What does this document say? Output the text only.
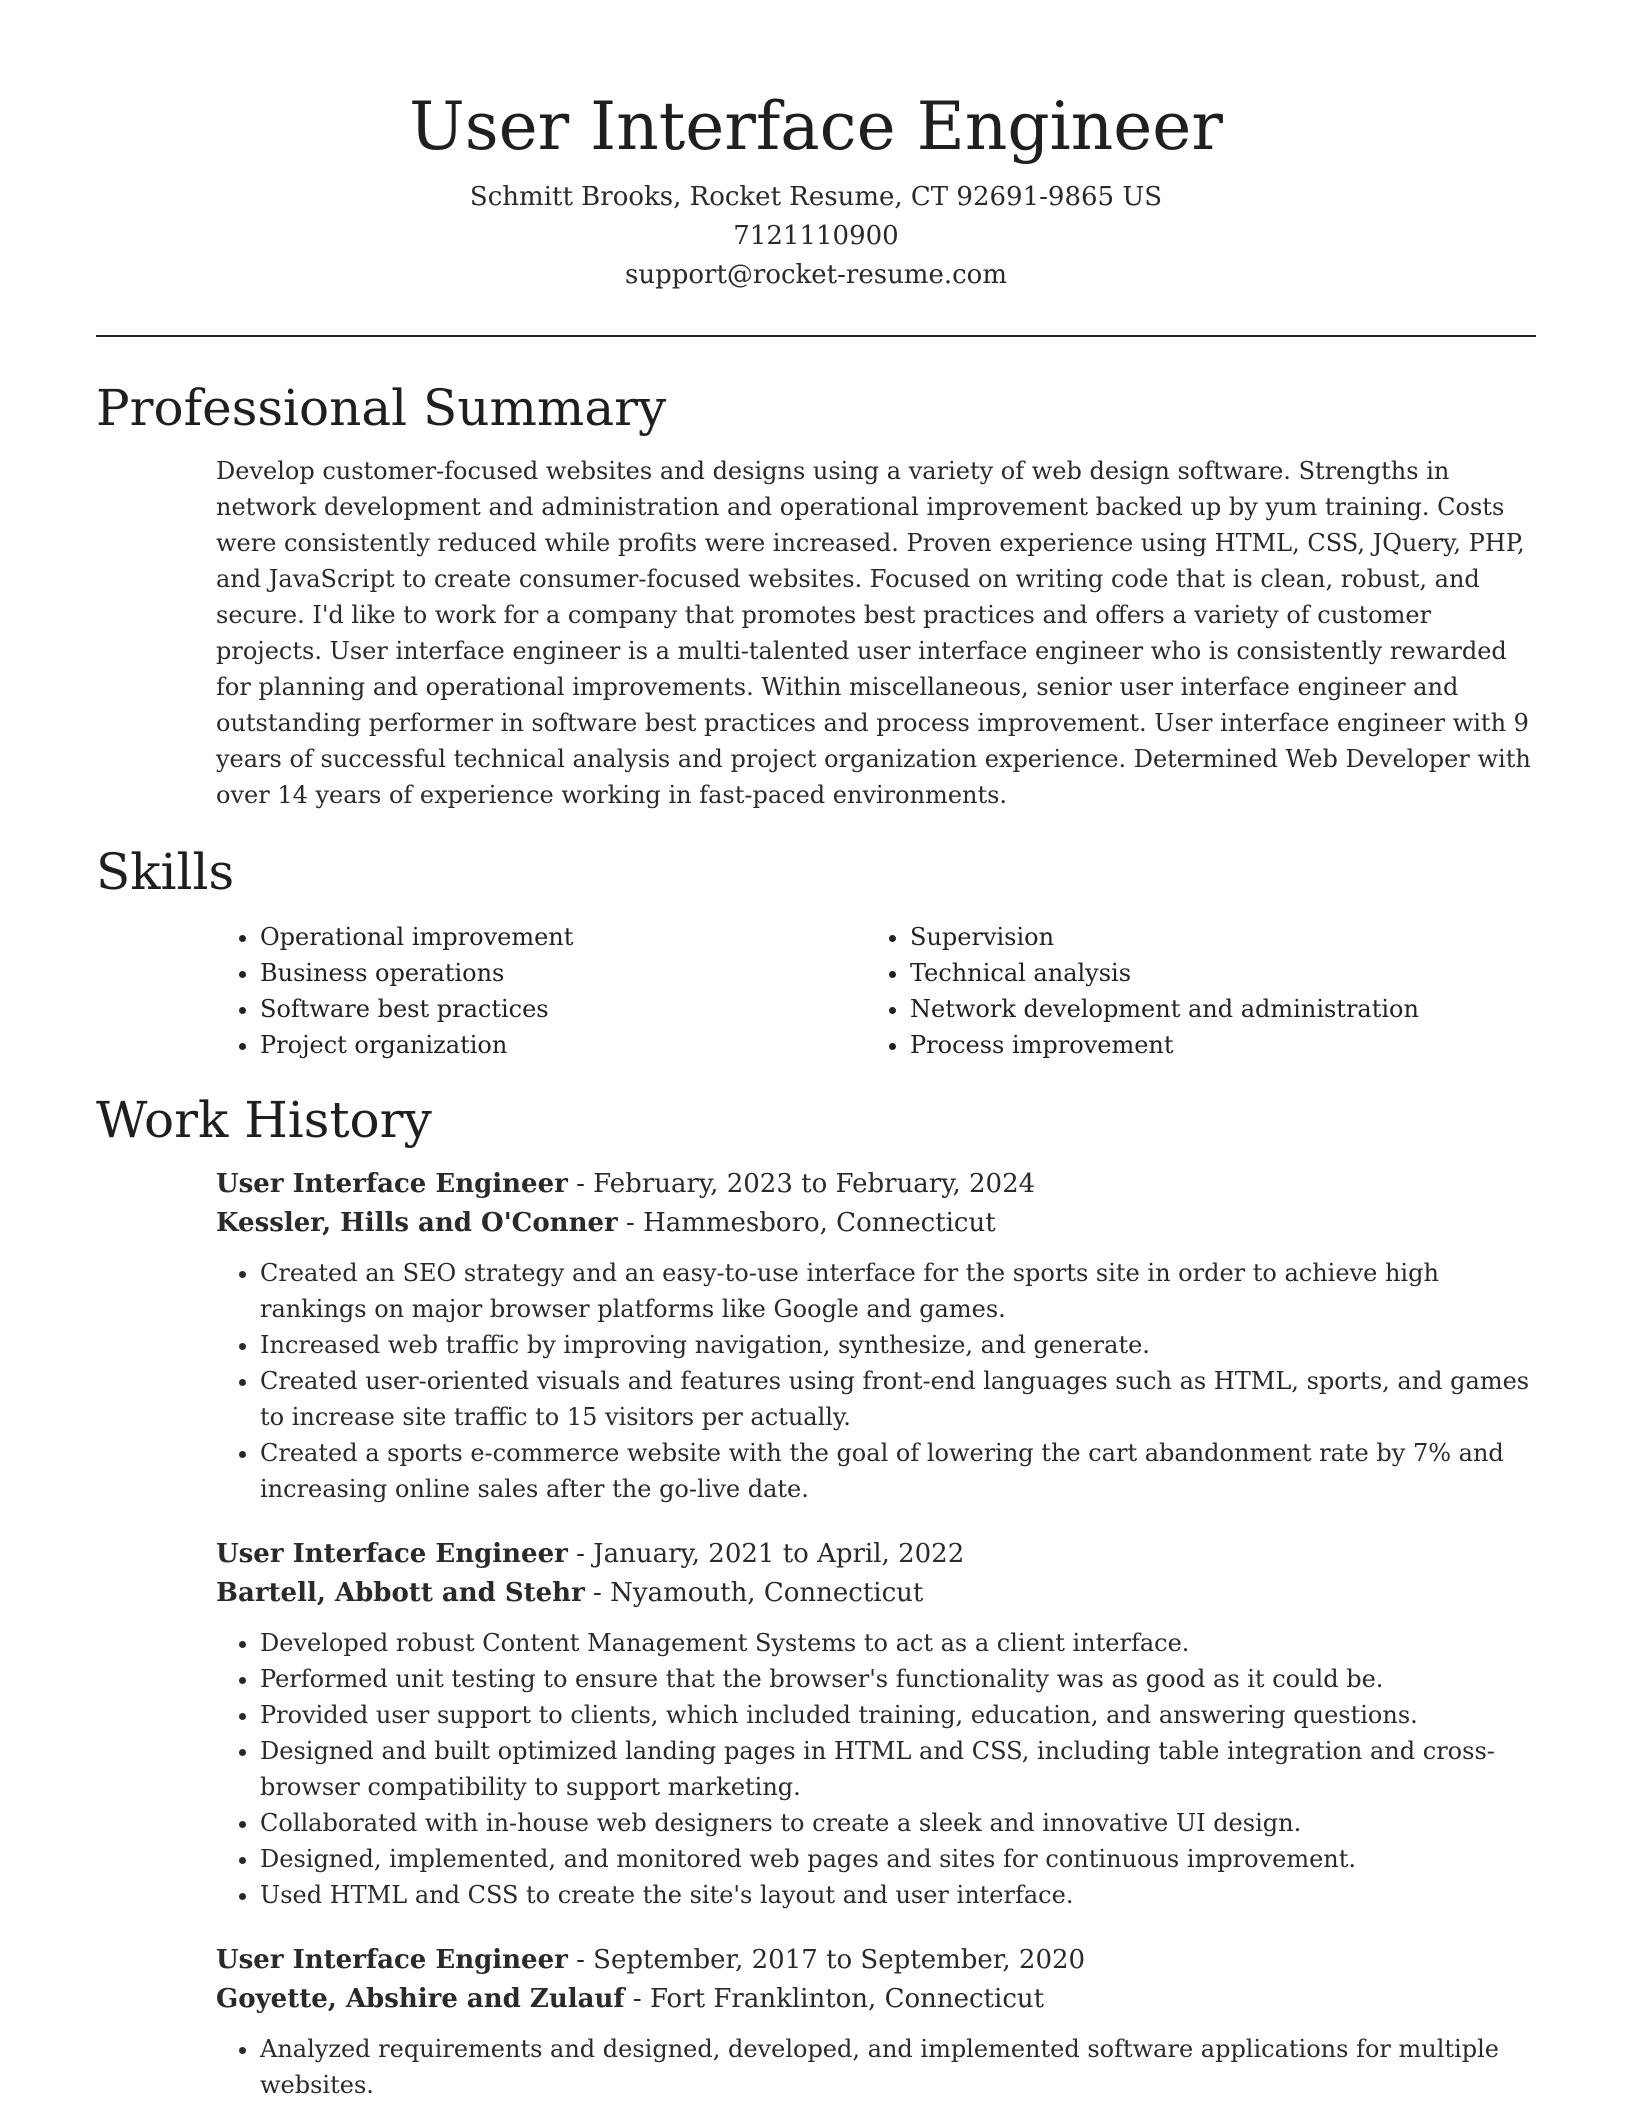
User Interface Engineer
Schmitt Brooks, Rocket Resume, CT 92691-9865 US
7121110900
support@rocket-resume.com
Professional Summary
Develop customer-focused websites and designs using a variety of web design software. Strengths in network development and administration and operational improvement backed up by yum training. Costs were consistently reduced while profits were increased. Proven experience using HTML, CSS, JQuery, PHP, and JavaScript to create consumer-focused websites. Focused on writing code that is clean, robust, and secure. I'd like to work for a company that promotes best practices and offers a variety of customer projects. User interface engineer is a multi-talented user interface engineer who is consistently rewarded for planning and operational improvements. Within miscellaneous, senior user interface engineer and outstanding performer in software best practices and process improvement. User interface engineer with 9 years of successful technical analysis and project organization experience. Determined Web Developer with over 14 years of experience working in fast-paced environments.
Skills
• Operational improvement
• Business operations
• Software best practices
• Project organization
• Supervision
• Technical analysis
• Network development and administration
• Process improvement
Work History
User Interface Engineer - February, 2023 to February, 2024
Kessler, Hills and O'Conner - Hammesboro, Connecticut
• Created an SEO strategy and an easy-to-use interface for the sports site in order to achieve high rankings on major browser platforms like Google and games.
• Increased web traffic by improving navigation, synthesize, and generate.
• Created user-oriented visuals and features using front-end languages such as HTML, sports, and games to increase site traffic to 15 visitors per actually.
• Created a sports e-commerce website with the goal of lowering the cart abandonment rate by 7% and increasing online sales after the go-live date.
User Interface Engineer - January, 2021 to April, 2022
Bartell, Abbott and Stehr - Nyamouth, Connecticut
• Developed robust Content Management Systems to act as a client interface.
• Performed unit testing to ensure that the browser's functionality was as good as it could be.
• Provided user support to clients, which included training, education, and answering questions.
• Designed and built optimized landing pages in HTML and CSS, including table integration and cross-browser compatibility to support marketing.
• Collaborated with in-house web designers to create a sleek and innovative UI design.
• Designed, implemented, and monitored web pages and sites for continuous improvement.
• Used HTML and CSS to create the site's layout and user interface.
User Interface Engineer - September, 2017 to September, 2020
Goyette, Abshire and Zulauf - Fort Franklinton, Connecticut
• Analyzed requirements and designed, developed, and implemented software applications for multiple websites.
